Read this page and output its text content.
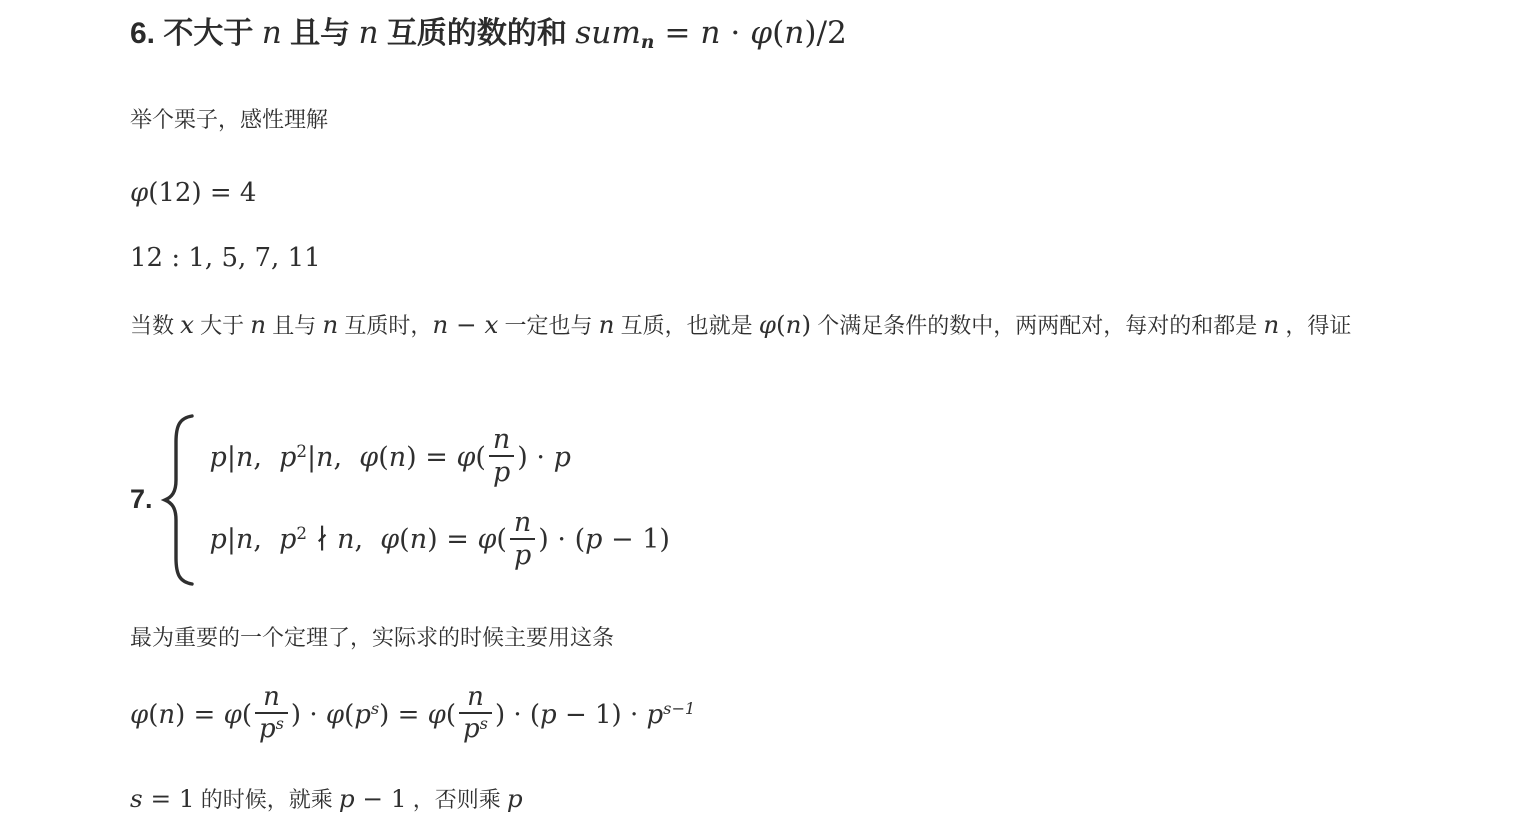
6. 不大于 n 且与 n 互质的数的和 sumn = n · φ(n)/2

举个栗子，感性理解

φ(12) = 4
12 : 1, 5, 7, 11

当数 x 大于 n 且与 n 互质时，n − x 一定也与 n 互质，也就是 φ(n) 个满足条件的数中，两两配对，每对的和都是 n ，得证

7.
p|n,  $p^2|n$,  $\varphi(n) = \varphi( \frac{n}{p}$ ) · p
p|n,  $p^2$ ∤ n,  $\varphi(n) = \varphi( \frac{n}{p}$ ) · (p − 1)

最为重要的一个定理了，实际求的时候主要用这条

$\varphi(n) = \varphi( \frac{n}{p^s}$ ) · $\varphi(p^s) = \varphi( \frac{n}{p^s}$ ) · $(p - 1) \cdot p^{s-1}$

s = 1 的时候，就乘 p − 1 ，否则乘 p
